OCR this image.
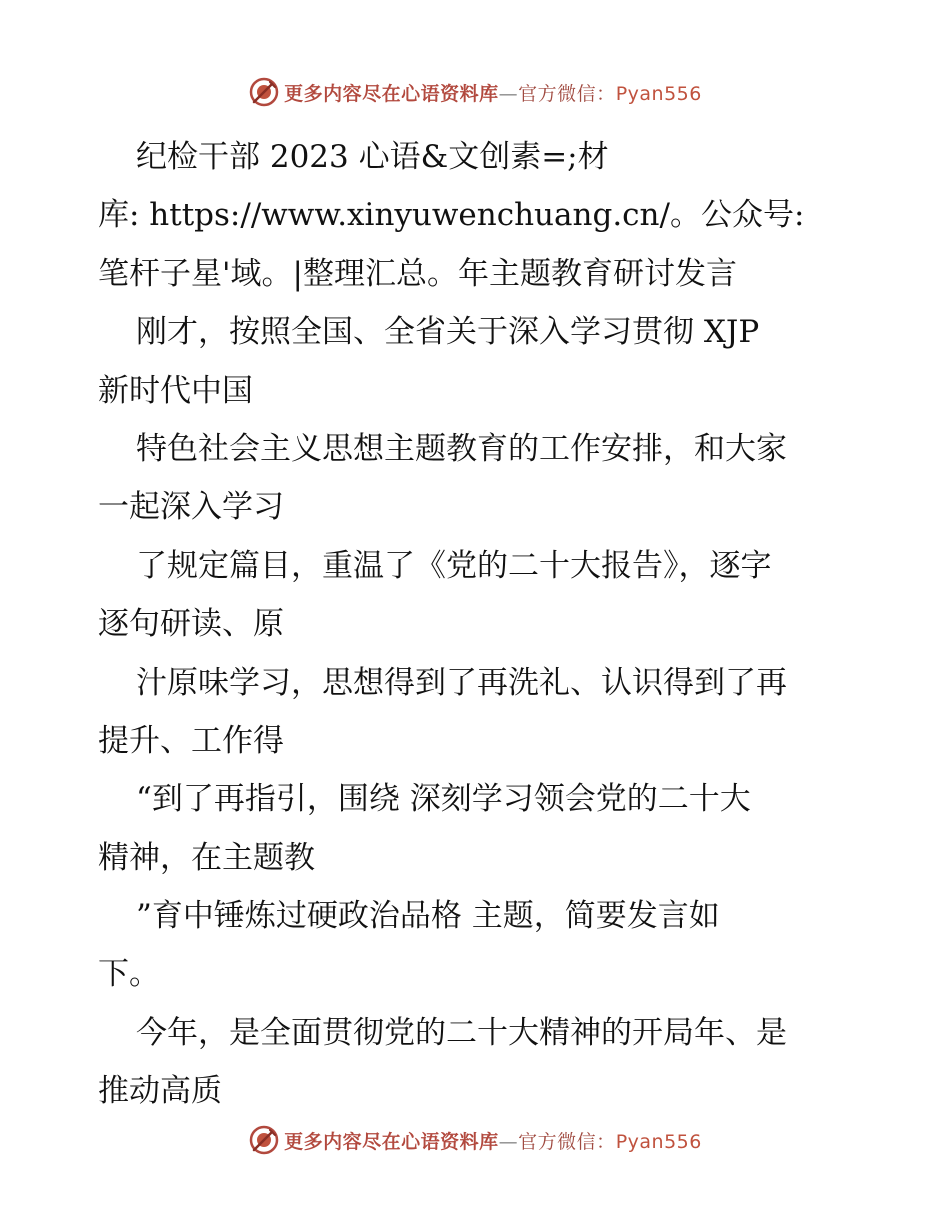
更多内容尽在心语资料库—官方微信：Pyan556
纪检干部 2023 心语&文创素=;材
库: https://www.xinyuwenchuang.cn/。公众号:
笔杆子星'域。|整理汇总。年主题教育研讨发言
刚才，按照全国、全省关于深入学习贯彻 XJP
新时代中国
特色社会主义思想主题教育的工作安排，和大家
一起深入学习
了规定篇目，重温了《党的二十大报告》，逐字
逐句研读、原
汁原味学习，思想得到了再洗礼、认识得到了再
提升、工作得
“到了再指引，围绕 深刻学习领会党的二十大
精神，在主题教
”育中锤炼过硬政治品格 主题，简要发言如
下。
今年，是全面贯彻党的二十大精神的开局年、是
推动高质
更多内容尽在心语资料库—官方微信：Pyan556
